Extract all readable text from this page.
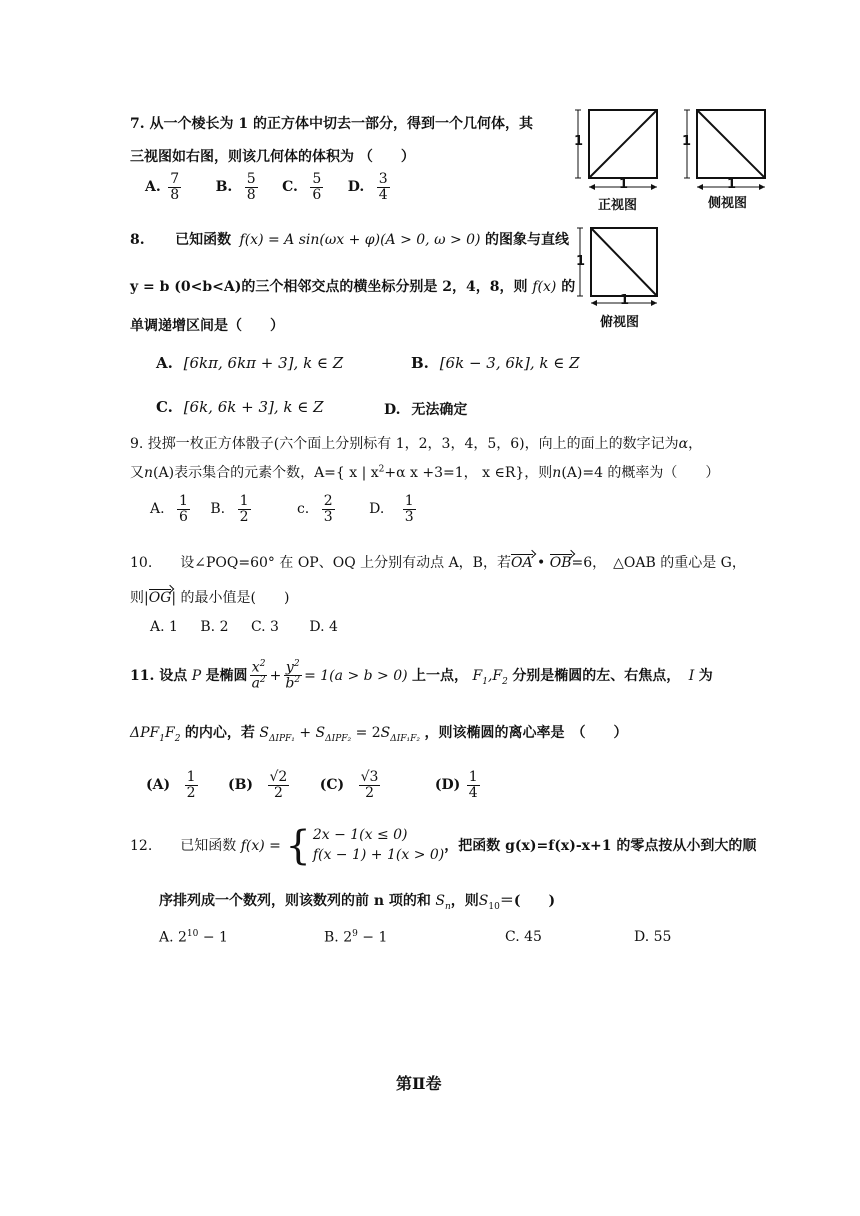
7. 从一个棱长为 1 的正方体中切去一部分，得到一个几何体，其
三视图如右图，则该几何体的体积为 （　　）
A. $\frac{7}{8} B$. $\frac{5}{8} C$. $\frac{5}{6} D$. $\frac{3}{4}$
1
1
正视图
1
1
侧视图
1
1
俯视图
8. 已知函数 f(x) = A sin(ωx + φ)(A > 0, ω > 0) 的图象与直线
y = b (0<b<A)的三个相邻交点的横坐标分别是 2，4，8，则 f(x) 的
单调递增区间是（　　）
A. [6kπ, 6kπ + 3], k ∈ Z	B. [6k − 3, 6k], k ∈ Z
C. [6k, 6k + 3], k ∈ Z	D. 无法确定
9. 投掷一枚正方体骰子(六个面上分别标有 1，2，3，4，5，6)，向上的面上的数字记为α，
又n(A)表示集合的元素个数，A={ x | $x^2+\alpha$ x +3=1， x ∈R}，则n(A)=4 的概率为（　　）
A. $\frac{1}{6} B$. $\frac{1}{2}$	c. $\frac{2}{3} D$. $\frac{1}{3}$
10.　　设∠POQ=60° 在 OP、OQ 上分别有动点 A，B，若OA • OB=6，　△OAB 的重心是 G，
则|OG| 的最小值是(　　)
A. 1 B. 2 C. 3 D. 4
11. 设点 P 是椭圆 $\frac{x^2}{a^2} + \frac{y^2}{b^2} = 1(a > b > 0)$ 上一点， $F_1,F_2$ 分别是椭圆的左、右焦点， I 为
$\Delta PF_1F_2$ 的内心，若 $S_{\Delta IPF_1} + S_{\Delta IPF_2} = 2S_{\Delta IF_1F_2}$ ，则该椭圆的离心率是　（　　）
$(A) \frac{1}{2} (B) \frac{√2}{2} (C) \frac{√3}{2}$	$(D) \frac{1}{4}$
12.　　已知函数 f(x) = { 2x − 1(x ≤ 0)
f(x − 1) + 1(x > 0)
，把函数 g(x)=f(x)-x+1 的零点按从小到大的顺
序排列成一个数列，则该数列的前 n 项的和 $S_n$，则$S_{10}=$(　　)
A. $2^{10} - 1$	B. $2^9 - 1$	C. 45	D. 55
第Ⅱ卷
